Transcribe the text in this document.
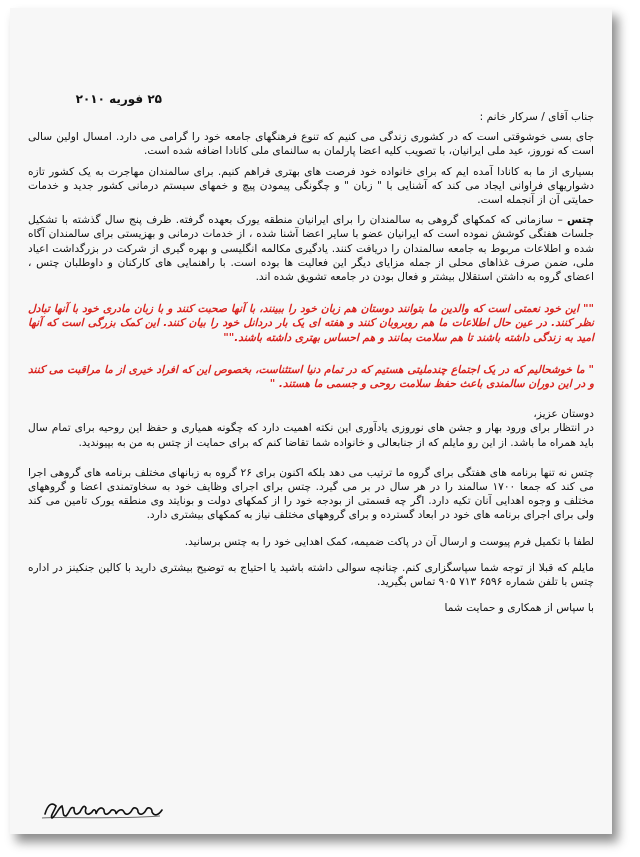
۲۵ فوریه ۲۰۱۰

جناب آقای / سرکار خانم :

جای بسی خوشوقتی است که در کشوری زندگی می کنیم که تنوع فرهنگهای جامعه خود را گرامی می دارد. امسال اولین سالی است که نوروز، عید ملی ایرانیان، با تصویب کلیه اعضا پارلمان به سالنمای ملی کانادا اضافه شده است.

بسیاری از ما به کانادا آمده ایم که برای خانواده خود فرصت های بهتری فراهم کنیم. برای سالمندان مهاجرت به یک کشور تازه دشواریهای فراوانی ایجاد می کند که آشنایی با " زبان " و چگونگی پیمودن پیچ و خمهای سیستم درمانی کشور جدید و خدمات حمایتی آن از آنجمله است.

چتس – سازمانی که کمکهای گروهی به سالمندان را برای ایرانیان منطقه یورک بعهده گرفته. ظرف پنج سال گذشته با تشکیل جلسات هفتگی کوشش نموده است که ایرانیان عضو با سایر اعضا آشنا شده ، از خدمات درمانی و بهزیستی برای سالمندان آگاه شده و اطلاعات مربوط به جامعه سالمندان را دریافت کنند. یادگیری مکالمه انگلیسی و بهره گیری از شرکت در بزرگداشت اعیاد ملی، ضمن صرف غذاهای محلی از جمله مزایای دیگر این فعالیت ها بوده است. با راهنمایی های کارکنان و داوطلبان چتس ، اعضای گروه به داشتن استقلال بیشتر و فعال بودن در جامعه تشویق شده اند.

"" این خود نعمتی است که والدین ما بتوانند دوستان هم زبان خود را ببینند، با آنها صحبت کنند و با زبان مادری خود با آنها تبادل نظر کنند. در عین حال اطلاعات ما هم روبروبان کنند و هفته ای یک بار دردانل خود را بیان کنند. این کمک بزرگی است که آنها امید به زندگی داشته باشند تا هم سلامت بمانند و هم احساس بهتری داشته باشند.""

" ما خوشحالیم که در یک اجتماع چندملیتی هستیم که در تمام دنیا استثناست، بخصوص این که افراد خیری از ما مراقبت می کنند و در این دوران سالمندی باعث حفظ سلامت روحی و جسمی ما هستند. "

دوستان عزیز،

در انتظار برای ورود بهار و جشن های نوروزی یادآوری این نکته اهمیت دارد که چگونه همیاری و حفظ این روحیه برای تمام سال باید همراه ما باشد. از این رو مایلم که از جنابعالی و خانواده شما تقاضا کنم که برای حمایت از چتس به من به بپیوندید.

چتس نه تنها برنامه های هفتگی برای گروه ما ترتیب می دهد بلکه اکنون برای ۲۶ گروه به زبانهای مختلف برنامه های گروهی اجرا می کند که جمعا ۱۷۰۰ سالمند را در هر سال در بر می گیرد. چتس برای اجرای وظایف خود به سخاوتمندی اعضا و گروههای مختلف و وجوه اهدایی آنان تکیه دارد. اگر چه قسمتی از بودجه خود را از کمکهای دولت و بونایتد وی منطقه یورک تامین می کند ولی برای اجرای برنامه های خود در ابعاد گسترده و برای گروههای مختلف نیاز به کمکهای بیشتری دارد.

لطفا با تکمیل فرم پیوست و ارسال آن در پاکت ضمیمه، کمک اهدایی خود را به چتس برسانید.

مایلم که قبلا از توجه شما سپاسگزاری کنم. چنانچه سوالی داشته باشید یا احتیاج به توضیح بیشتری دارید با کالین جنکینز در اداره چتس با تلفن شماره ۶۵۹۶ ۷۱۳ ۹۰۵ تماس بگیرید.

با سپاس از همکاری و حمایت شما
